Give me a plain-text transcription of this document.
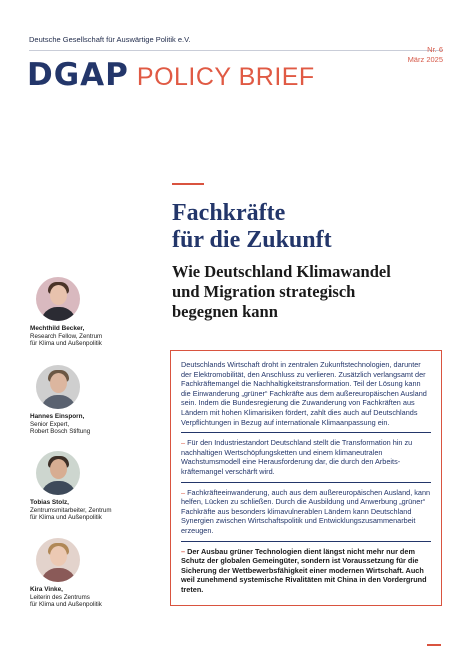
Deutsche Gesellschaft für Auswärtige Politik e.V.
Nr. 6
März 2025
DGAP POLICY BRIEF
Fachkräfte
für die Zukunft
Wie Deutschland Klimawandel
und Migration strategisch
begegnen kann
Mechthild Becker,
Research Fellow, Zentrum
für Klima und Außenpolitik
Hannes Einsporn,
Senior Expert,
Robert Bosch Stiftung
Tobias Stolz,
Zentrumsmitarbeiter, Zentrum
für Klima und Außenpolitik
Kira Vinke,
Leiterin des Zentrums
für Klima und Außenpolitik

Deutschlands Wirtschaft droht in zentralen Zukunftstechnologien, darunter der Elektromobilität, den Anschluss zu verlieren. Zusätzlich verlangsamt der Fachkräftemangel die Nachhaltigkeitstransformation. Teil der Lösung kann die Einwanderung „grüner“ Fachkräfte aus dem außereuropäischen Ausland sein. Indem die Bundesregierung die Zuwanderung von Fachkräften aus Ländern mit hohen Klimarisiken fördert, zahlt dies auch auf Deutschlands Verpflichtungen in Bezug auf internationale Klimaanpassung ein.

– Für den Industriestandort Deutschland stellt die Transformation hin zu nachhaltigen Wertschöpfungsketten und einem klimaneutralen Wachstumsmodell eine Herausforderung dar, die durch den Arbeitskräftemangel verschärft wird.

– Fachkräfteeinwanderung, auch aus dem außereuropäischen Ausland, kann helfen, Lücken zu schließen. Durch die Ausbildung und Anwerbung „grüner“ Fachkräfte aus besonders klimavulnerablen Ländern kann Deutschland Synergien zwischen Wirtschaftspolitik und Entwicklungszusammenarbeit erzeugen.

– Der Ausbau grüner Technologien dient längst nicht mehr nur dem Schutz der globalen Gemeingüter, sondern ist Voraussetzung für die Sicherung der Wettbewerbsfähigkeit einer modernen Wirtschaft. Auch weil zunehmend systemische Rivalitäten mit China in den Vordergrund treten.
